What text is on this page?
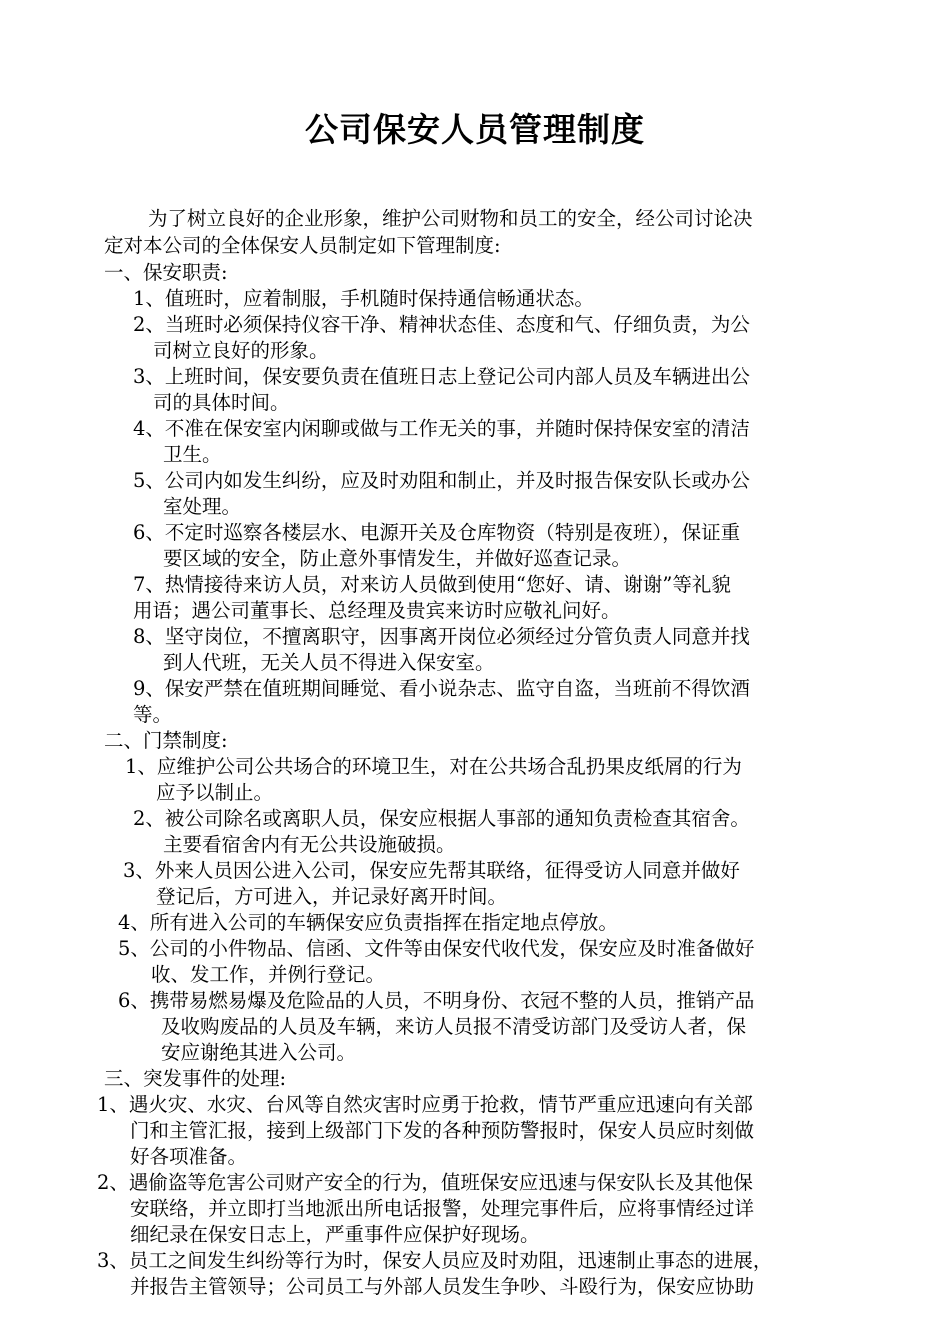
公司保安人员管理制度
为了树立良好的企业形象，维护公司财物和员工的安全，经公司讨论决
定对本公司的全体保安人员制定如下管理制度:
一、保安职责:
1、值班时，应着制服，手机随时保持通信畅通状态。
2、当班时必须保持仪容干净、精神状态佳、态度和气、仔细负责，为公
司树立良好的形象。
3、上班时间，保安要负责在值班日志上登记公司内部人员及车辆进出公
司的具体时间。
4、不准在保安室内闲聊或做与工作无关的事，并随时保持保安室的清洁
卫生。
5、公司内如发生纠纷，应及时劝阻和制止，并及时报告保安队长或办公
室处理。
6、不定时巡察各楼层水、电源开关及仓库物资（特别是夜班），保证重
要区域的安全，防止意外事情发生，并做好巡查记录。
7、热情接待来访人员，对来访人员做到使用“您好、请、谢谢”等礼貌
用语；遇公司董事长、总经理及贵宾来访时应敬礼问好。
8、坚守岗位，不擅离职守，因事离开岗位必须经过分管负责人同意并找
到人代班，无关人员不得进入保安室。
9、保安严禁在值班期间睡觉、看小说杂志、监守自盗，当班前不得饮酒
等。
二、门禁制度:
1、应维护公司公共场合的环境卫生，对在公共场合乱扔果皮纸屑的行为
应予以制止。
2、被公司除名或离职人员，保安应根据人事部的通知负责检查其宿舍。
主要看宿舍内有无公共设施破损。
3、外来人员因公进入公司，保安应先帮其联络，征得受访人同意并做好
登记后，方可进入，并记录好离开时间。
4、所有进入公司的车辆保安应负责指挥在指定地点停放。
5、公司的小件物品、信函、文件等由保安代收代发，保安应及时准备做好
收、发工作，并例行登记。
6、携带易燃易爆及危险品的人员，不明身份、衣冠不整的人员，推销产品
及收购废品的人员及车辆，来访人员报不清受访部门及受访人者，保
安应谢绝其进入公司。
三、突发事件的处理:
1、遇火灾、水灾、台风等自然灾害时应勇于抢救，情节严重应迅速向有关部
门和主管汇报，接到上级部门下发的各种预防警报时，保安人员应时刻做
好各项准备。
2、遇偷盗等危害公司财产安全的行为，值班保安应迅速与保安队长及其他保
安联络，并立即打当地派出所电话报警，处理完事件后，应将事情经过详
细纪录在保安日志上，严重事件应保护好现场。
3、员工之间发生纠纷等行为时，保安人员应及时劝阻，迅速制止事态的进展，
并报告主管领导；公司员工与外部人员发生争吵、斗殴行为，保安应协助
